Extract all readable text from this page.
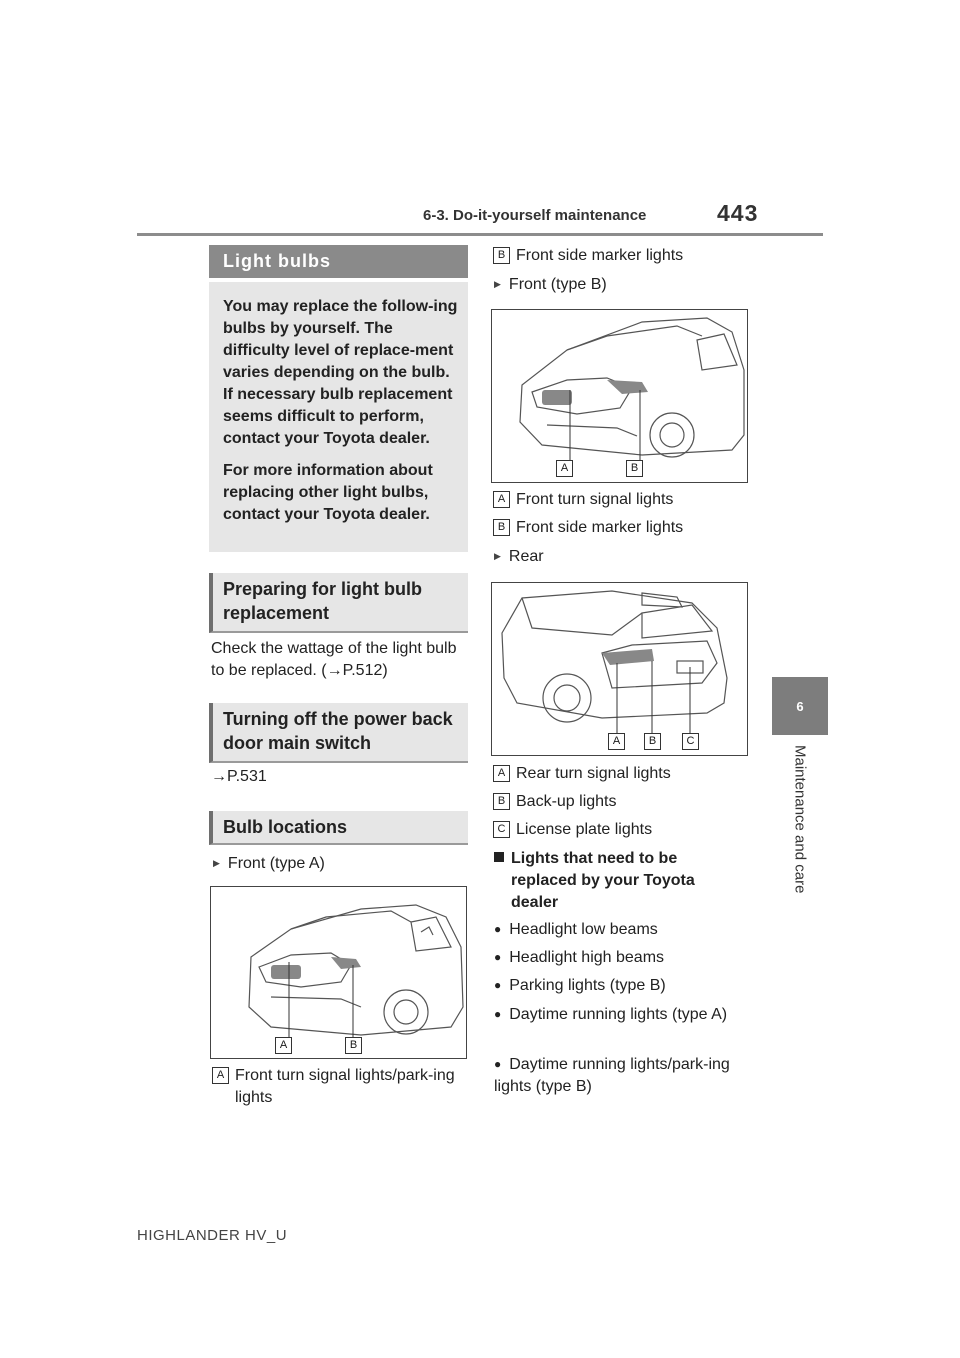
6-3. Do-it-yourself maintenance	443
6
Maintenance and care
Light bulbs

You may replace the follow-ing bulbs by yourself. The difficulty level of replace-ment varies depending on the bulb. If necessary bulb replacement seems difficult to perform, contact your Toyota dealer.

For more information about replacing other light bulbs, contact your Toyota dealer.

Preparing for light bulb replacement
Check the wattage of the light bulb to be replaced. (→P.512)
Turning off the power back door main switch
→P.531
Bulb locations
▶ Front (type A)
A	B
A Front turn signal lights/park-ing lights
B Front side marker lights
▶ Front (type B)
A	B
A Front turn signal lights
B Front side marker lights
▶ Rear
A	B	C
A Rear turn signal lights
B Back-up lights
C License plate lights
Lights that need to be replaced by your Toyota dealer
● Headlight low beams
● Headlight high beams
● Parking lights (type B)
● Daytime running lights (type A)
● Daytime running lights/park-ing lights (type B)
HIGHLANDER HV_U
